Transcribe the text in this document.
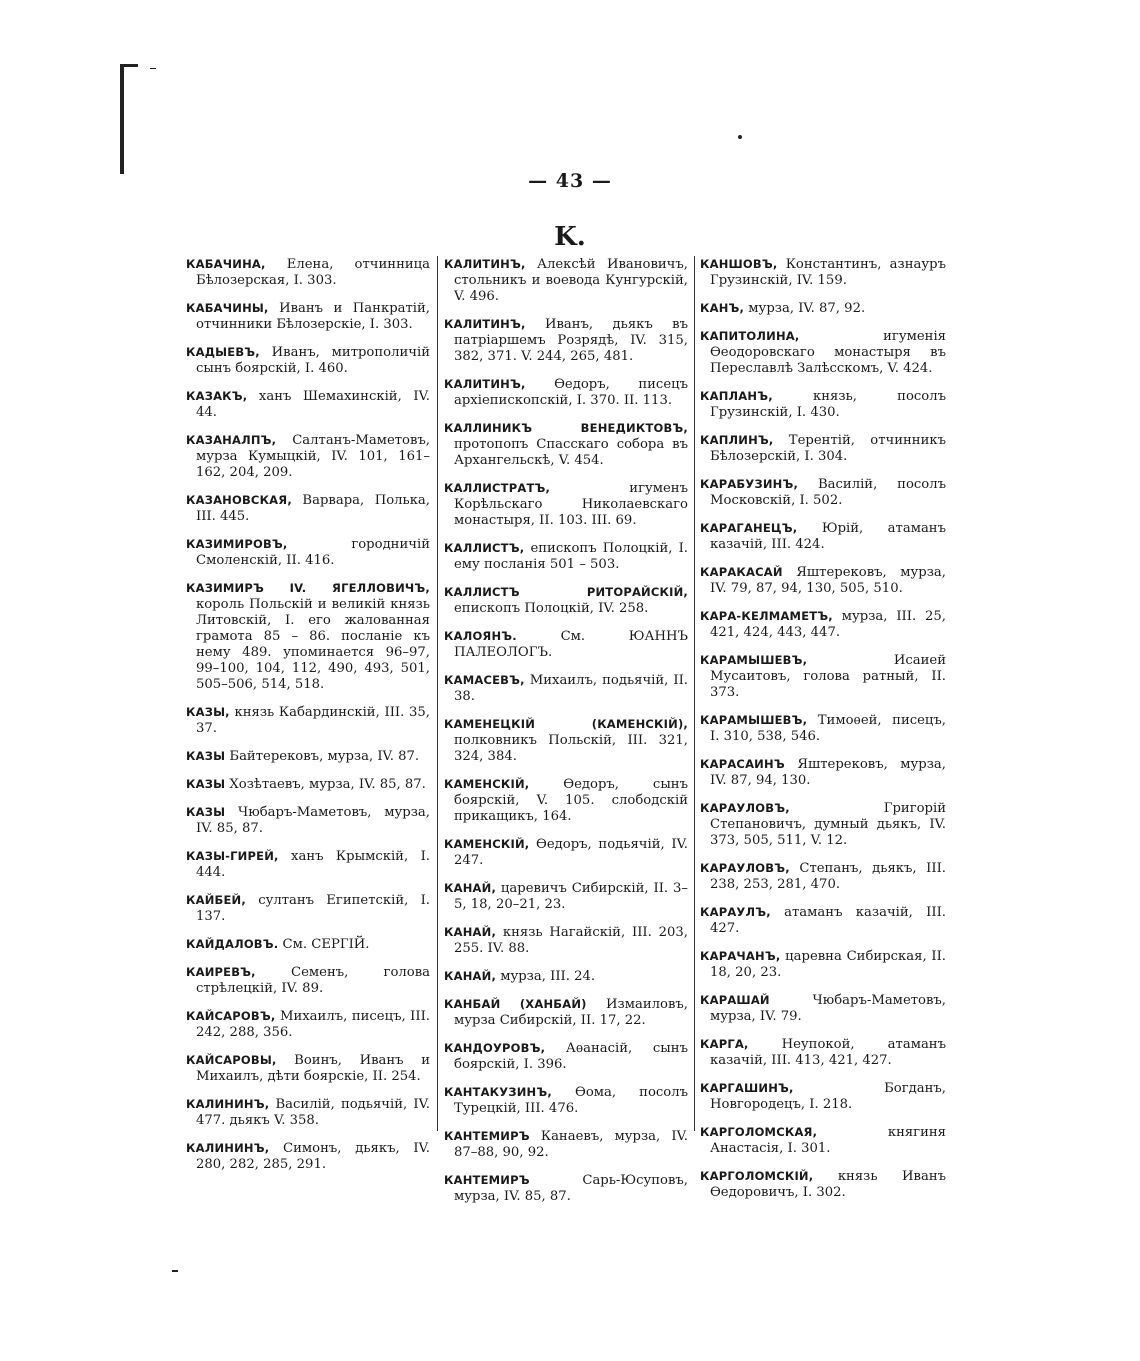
— 43 —
K.

КАБАЧИНА, Елена, отчинница Бѣлозерская, I. 303.

КАБАЧИНЫ, Иванъ и Панкратій, отчинники Бѣлозерскіе, I. 303.

КАДЫЕВЪ, Иванъ, митрополичій сынъ боярскій, I. 460.

КАЗАКЪ, ханъ Шемахинскій, IV. 44.

КАЗАНАЛПЪ, Салтанъ-Маметовъ, мурза Кумыцкій, IV. 101, 161–162, 204, 209.

КАЗАНОВСКАЯ, Варвара, Полька, III. 445.

КАЗИМИРОВЪ, городничій Смоленскій, II. 416.

КАЗИМИРЪ IV. ЯГЕЛЛОВИЧЪ, король Польскій и великій князь Литовскій, I. его жалованная грамота 85 – 86. посланіе къ нему 489. упоминается 96–97, 99–100, 104, 112, 490, 493, 501, 505–506, 514, 518.

КАЗЫ, князь Кабардинскій, III. 35, 37.

КАЗЫ Байтерековъ, мурза, IV. 87.

КАЗЫ Хозѣтаевъ, мурза, IV. 85, 87.

КАЗЫ Чюбаръ-Маметовъ, мурза, IV. 85, 87.

КАЗЫ-ГИРЕЙ, ханъ Крымскій, I. 444.

КАЙБЕЙ, султанъ Египетскій, I. 137.

КАЙДАЛОВЪ. См. СЕРГІЙ.

КАИРЕВЪ, Семенъ, голова стрѣлецкій, IV. 89.

КАЙСАРОВЪ, Михаилъ, писецъ, III. 242, 288, 356.

КАЙСАРОВЫ, Воинъ, Иванъ и Михаилъ, дѣти боярскіе, II. 254.

КАЛИНИНЪ, Василій, подьячій, IV. 477. дьякъ V. 358.

КАЛИНИНЪ, Симонъ, дьякъ, IV. 280, 282, 285, 291.

КАЛИТИНЪ, Алексѣй Ивановичъ, стольникъ и воевода Кунгурскій, V. 496.

КАЛИТИНЪ, Иванъ, дьякъ въ патріаршемъ Розрядѣ, IV. 315, 382, 371. V. 244, 265, 481.

КАЛИТИНЪ, Өедоръ, писецъ архіепископскій, I. 370. II. 113.

КАЛЛИНИКЪ ВЕНЕДИКТОВЪ, протопопъ Спасскаго собора въ Архангельскѣ, V. 454.

КАЛЛИСТРАТЪ, игуменъ Корѣльскаго Николаевскаго монастыря, II. 103. III. 69.

КАЛЛИСТЪ, епископъ Полоцкій, I. ему посланія 501 – 503.

КАЛЛИСТЪ РИТОРАЙСКІЙ, епископъ Полоцкій, IV. 258.

КАЛОЯНЪ. См. ЮАННЪ ПАЛЕОЛОГЪ.

КАМАСЕВЪ, Михаилъ, подьячій, II. 38.

КАМЕНЕЦКІЙ (КАМЕНСКІЙ), полковникъ Польскій, III. 321, 324, 384.

КАМЕНСКІЙ, Өедоръ, сынъ боярскій, V. 105. слободскій прикащикъ, 164.

КАМЕНСКІЙ, Өедоръ, подьячій, IV. 247.

КАНАЙ, царевичъ Сибирскій, II. 3–5, 18, 20–21, 23.

КАНАЙ, князь Нагайскій, III. 203, 255. IV. 88.

КАНАЙ, мурза, III. 24.

КАНБАЙ (ХАНБАЙ) Измаиловъ, мурза Сибирскій, II. 17, 22.

КАНДОУРОВЪ, Аѳанасій, сынъ боярскій, I. 396.

КАНТАКУЗИНЪ, Өома, посолъ Турецкій, III. 476.

КАНТЕМИРЪ Канаевъ, мурза, IV. 87–88, 90, 92.

КАНТЕМИРЪ Сарь-Юсуповъ, мурза, IV. 85, 87.

КАНШОВЪ, Константинъ, азнауръ Грузинскій, IV. 159.

КАНЪ, мурза, IV. 87, 92.

КАПИТОЛИНА, игуменія Өеодоровскаго монастыря въ Переславлѣ Залѣсскомъ, V. 424.

КАПЛАНЪ, князь, посолъ Грузинскій, I. 430.

КАПЛИНЪ, Терентій, отчинникъ Бѣлозерскій, I. 304.

КАРАБУЗИНЪ, Василій, посолъ Московскій, I. 502.

КАРАГАНЕЦЪ, Юрій, атаманъ казачій, III. 424.

КАРАКАСАЙ Яштерековъ, мурза, IV. 79, 87, 94, 130, 505, 510.

КАРА-КЕЛМАМЕТЪ, мурза, III. 25, 421, 424, 443, 447.

КАРАМЫШЕВЪ, Исаией Мусаитовъ, голова ратный, II. 373.

КАРАМЫШЕВЪ, Тимоѳей, писецъ, I. 310, 538, 546.

КАРАСАИНЪ Яштерековъ, мурза, IV. 87, 94, 130.

КАРАУЛОВЪ, Григорій Степановичъ, думный дьякъ, IV. 373, 505, 511, V. 12.

КАРАУЛОВЪ, Степанъ, дьякъ, III. 238, 253, 281, 470.

КАРАУЛЪ, атаманъ казачій, III. 427.

КАРАЧАНЪ, царевна Сибирская, II. 18, 20, 23.

КАРАШАЙ Чюбаръ-Маметовъ, мурза, IV. 79.

КАРГА, Неупокой, атаманъ казачій, III. 413, 421, 427.

КАРГАШИНЪ, Богданъ, Новгородецъ, I. 218.

КАРГОЛОМСКАЯ, княгиня Анастасія, I. 301.

КАРГОЛОМСКІЙ, князь Иванъ Өедоровичъ, I. 302.
